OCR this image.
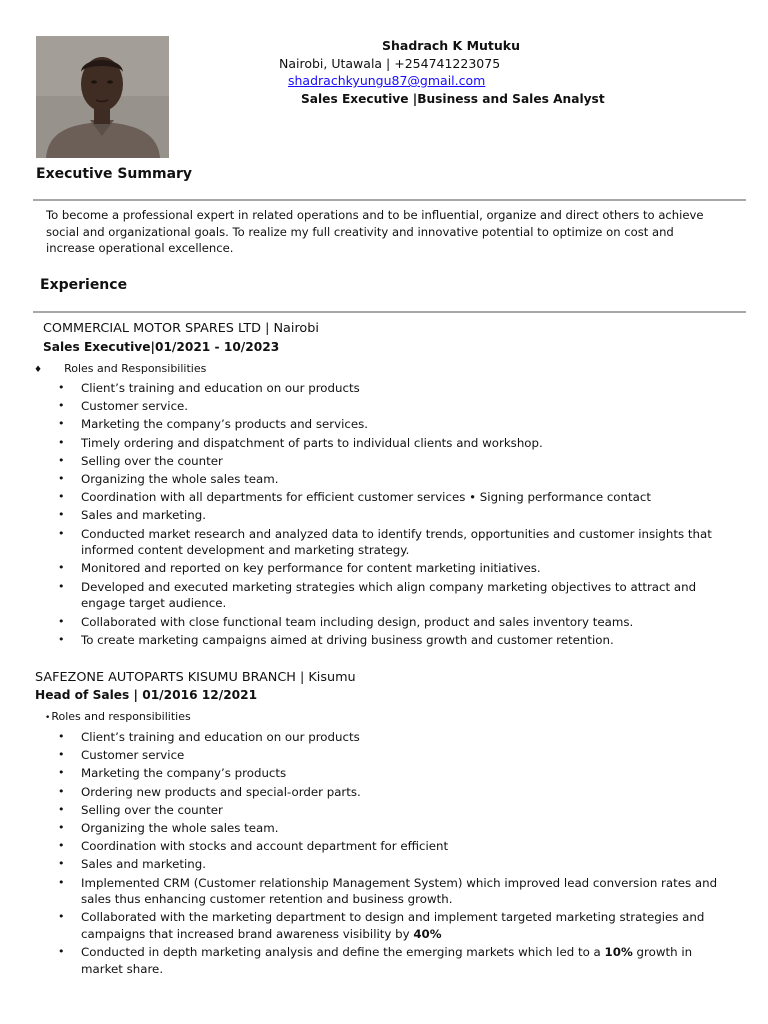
Shadrach K Mutuku
Nairobi, Utawala | +254741223075
shadrachkyungu87@gmail.com
Sales Executive |Business and Sales Analyst
Executive Summary
To become a professional expert in related operations and to be influential, organize and direct others to achieve social and organizational goals. To realize my full creativity and innovative potential to optimize on cost and increase operational excellence.
Experience
COMMERCIAL MOTOR SPARES LTD | Nairobi
Sales Executive|01/2021 - 10/2023
♦ Roles and Responsibilities
• Client’s training and education on our products
• Customer service.
• Marketing the company’s products and services.
• Timely ordering and dispatchment of parts to individual clients and workshop.
• Selling over the counter
• Organizing the whole sales team.
• Coordination with all departments for efficient customer services • Signing performance contact
• Sales and marketing.
• Conducted market research and analyzed data to identify trends, opportunities and customer insights that informed content development and marketing strategy.
• Monitored and reported on key performance for content marketing initiatives.
• Developed and executed marketing strategies which align company marketing objectives to attract and engage target audience.
• Collaborated with close functional team including design, product and sales inventory teams.
• To create marketing campaigns aimed at driving business growth and customer retention.
SAFEZONE AUTOPARTS KISUMU BRANCH | Kisumu
Head of Sales | 01/2016 12/2021
•Roles and responsibilities
• Client’s training and education on our products
• Customer service
• Marketing the company’s products
• Ordering new products and special-order parts.
• Selling over the counter
• Organizing the whole sales team.
• Coordination with stocks and account department for efficient
• Sales and marketing.
• Implemented CRM (Customer relationship Management System) which improved lead conversion rates and sales thus enhancing customer retention and business growth.
• Collaborated with the marketing department to design and implement targeted marketing strategies and campaigns that increased brand awareness visibility by 40%
• Conducted in depth marketing analysis and define the emerging markets which led to a 10% growth in market share.
